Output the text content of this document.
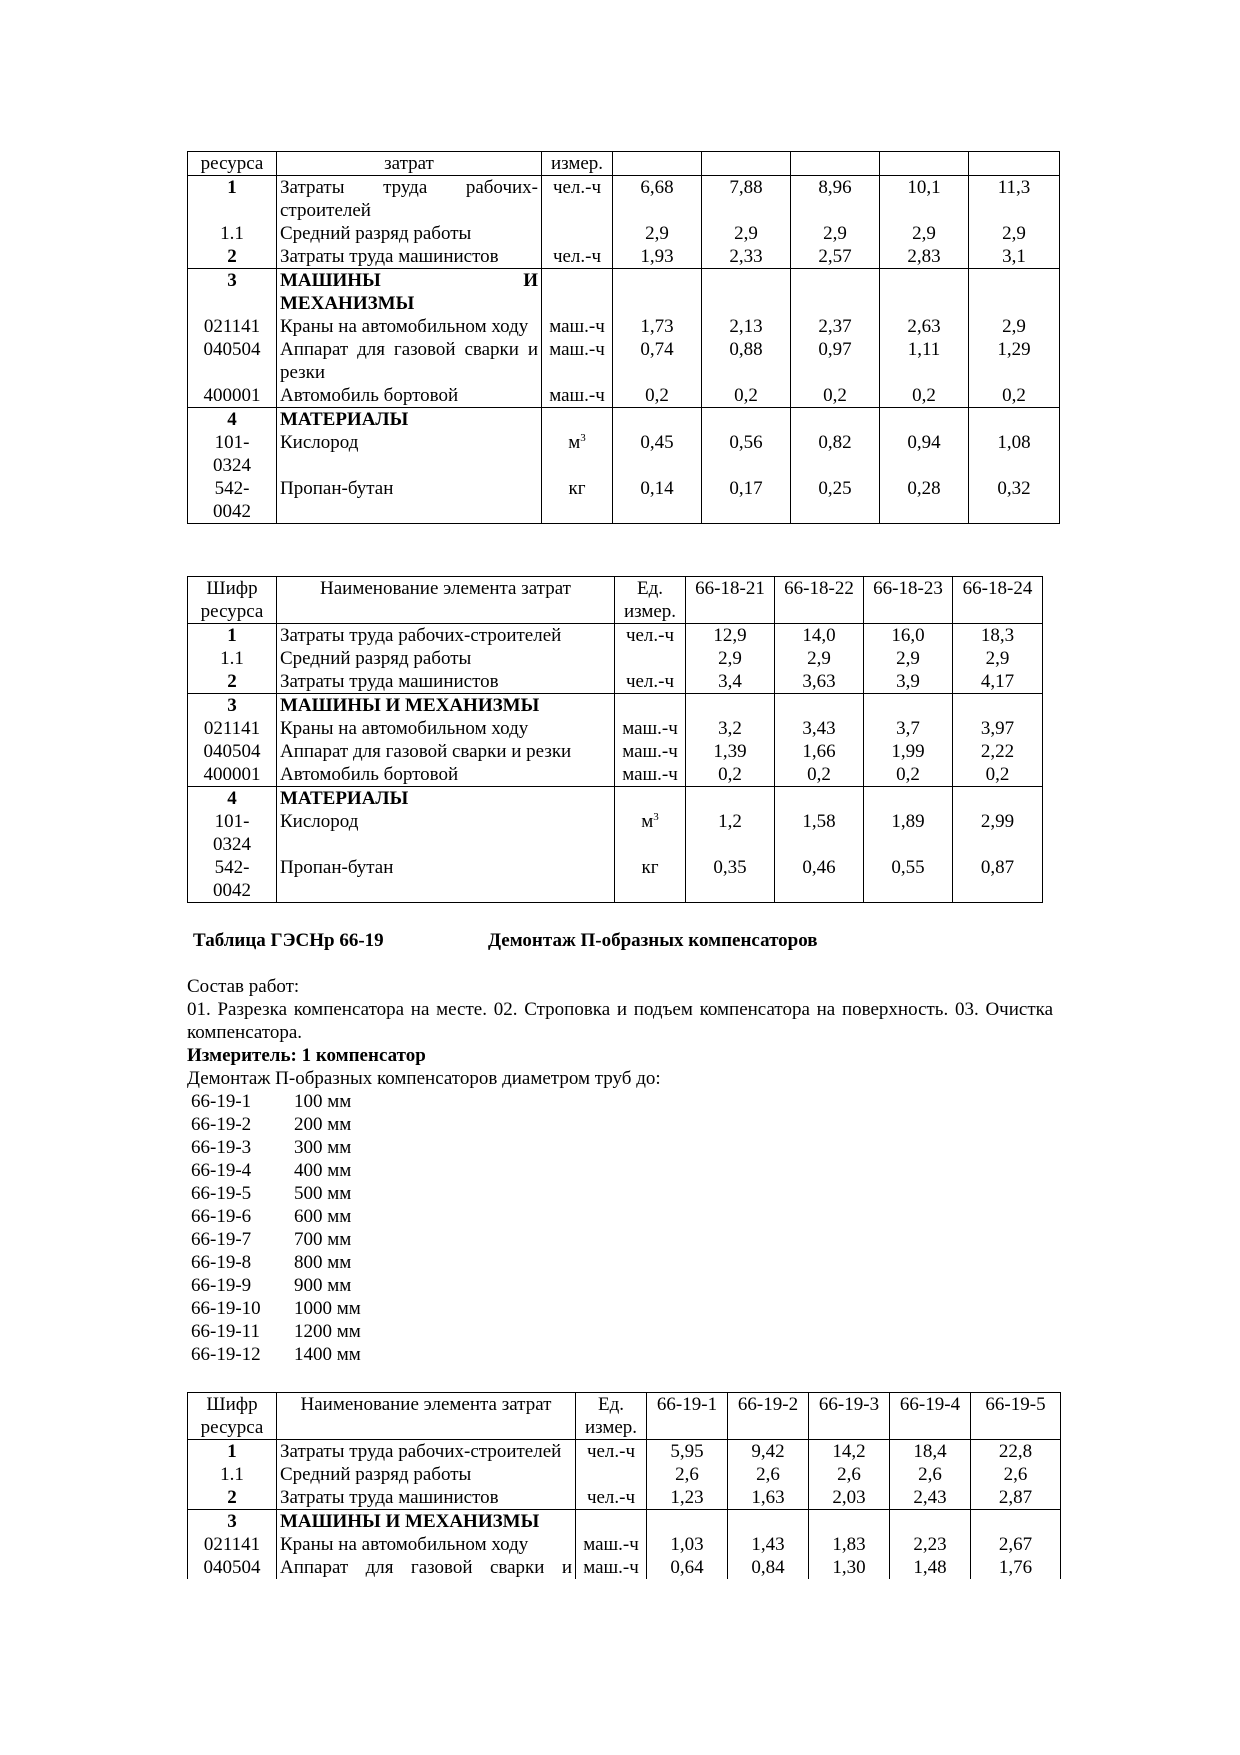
ресурса	затрат	измер.					
1	Затраты труда рабочих-строителей	чел.-ч	6,68	7,88	8,96	10,1	11,3
1.1	Средний разряд работы		2,9	2,9	2,9	2,9	2,9
2	Затраты труда машинистов	чел.-ч	1,93	2,33	2,57	2,83	3,1
3	МАШИНЫ И МЕХАНИЗМЫ						
021141	Краны на автомобильном ходу	маш.-ч	1,73	2,13	2,37	2,63	2,9
040504	Аппарат для газовой сварки и резки	маш.-ч	0,74	0,88	0,97	1,11	1,29
400001	Автомобиль бортовой	маш.-ч	0,2	0,2	0,2	0,2	0,2
4	МАТЕРИАЛЫ						
101-0324	Кислород	$м^3$	0,45	0,56	0,82	0,94	1,08
542-0042	Пропан-бутан	кг	0,14	0,17	0,25	0,28	0,32
Шифр ресурса	Наименование элемента затрат	Ед. измер.	66-18-21	66-18-22	66-18-23	66-18-24
1	Затраты труда рабочих-строителей	чел.-ч	12,9	14,0	16,0	18,3
1.1	Средний разряд работы		2,9	2,9	2,9	2,9
2	Затраты труда машинистов	чел.-ч	3,4	3,63	3,9	4,17
3	МАШИНЫ И МЕХАНИЗМЫ					
021141	Краны на автомобильном ходу	маш.-ч	3,2	3,43	3,7	3,97
040504	Аппарат для газовой сварки и резки	маш.-ч	1,39	1,66	1,99	2,22
400001	Автомобиль бортовой	маш.-ч	0,2	0,2	0,2	0,2
4	МАТЕРИАЛЫ					
101-0324	Кислород	$м^3$	1,2	1,58	1,89	2,99
542-0042	Пропан-бутан	кг	0,35	0,46	0,55	0,87
Таблица ГЭСНр 66-19	Демонтаж П-образных компенсаторов
Состав работ:
01. Разрезка компенсатора на месте. 02. Строповка и подъем компенсатора на поверхность. 03. Очистка компенсатора.
Измеритель: 1 компенсатор
Демонтаж П-образных компенсаторов диаметром труб до:
66-19-1	100 мм
66-19-2	200 мм
66-19-3	300 мм
66-19-4	400 мм
66-19-5	500 мм
66-19-6	600 мм
66-19-7	700 мм
66-19-8	800 мм
66-19-9	900 мм
66-19-10	1000 мм
66-19-11	1200 мм
66-19-12	1400 мм
Шифр ресурса	Наименование элемента затрат	Ед. измер.	66-19-1	66-19-2	66-19-3	66-19-4	66-19-5
1	Затраты труда рабочих-строителей	чел.-ч	5,95	9,42	14,2	18,4	22,8
1.1	Средний разряд работы		2,6	2,6	2,6	2,6	2,6
2	Затраты труда машинистов	чел.-ч	1,23	1,63	2,03	2,43	2,87
3	МАШИНЫ И МЕХАНИЗМЫ						
021141	Краны на автомобильном ходу	маш.-ч	1,03	1,43	1,83	2,23	2,67
040504	Аппарат для газовой сварки и	маш.-ч	0,64	0,84	1,30	1,48	1,76
